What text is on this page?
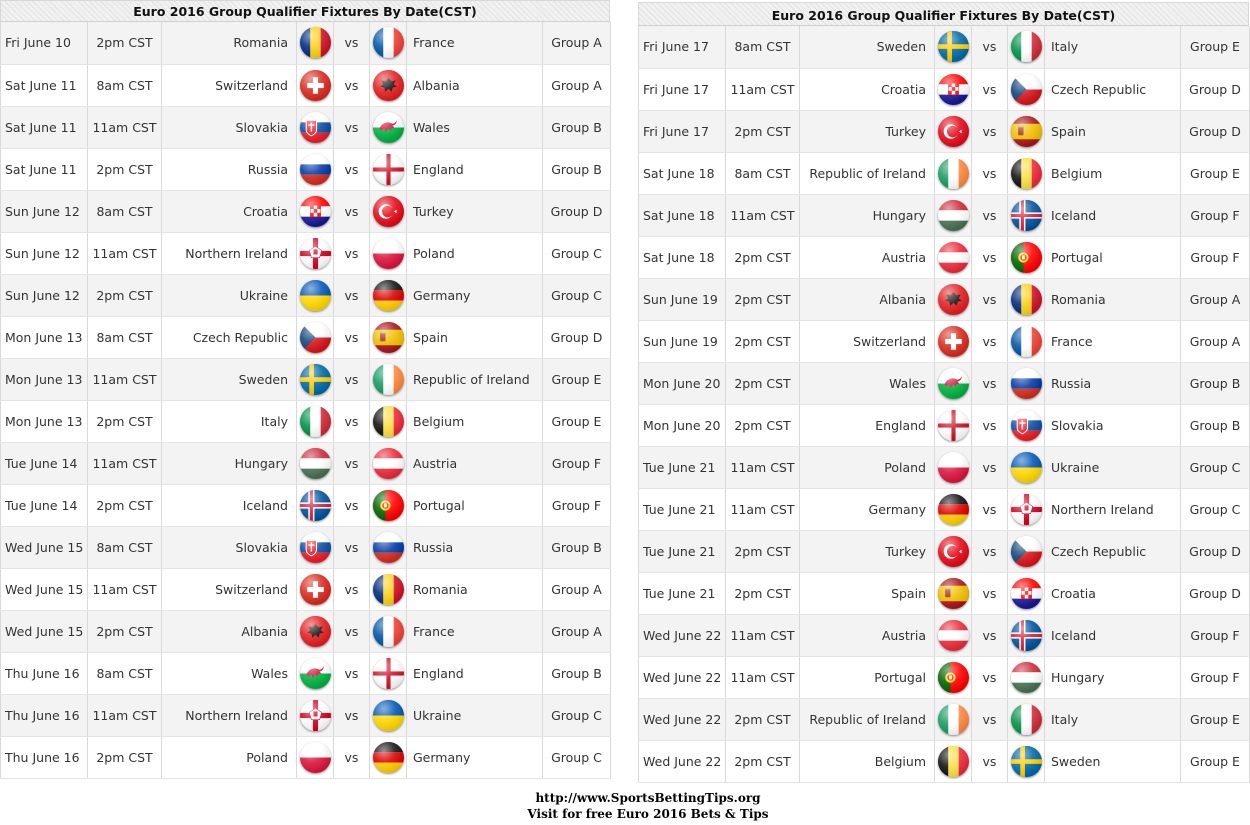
Euro 2016 Group Qualifier Fixtures By Date(CST)
Fri June 10	2pm CST	Romania		vs		France	Group A
Sat June 11	8am CST	Switzerland		vs		Albania	Group A
Sat June 11	11am CST	Slovakia		vs		Wales	Group B
Sat June 11	2pm CST	Russia		vs		England	Group B
Sun June 12	8am CST	Croatia		vs		Turkey	Group D
Sun June 12	11am CST	Northern Ireland		vs		Poland	Group C
Sun June 12	2pm CST	Ukraine		vs		Germany	Group C
Mon June 13	8am CST	Czech Republic		vs		Spain	Group D
Mon June 13	11am CST	Sweden		vs		Republic of Ireland	Group E
Mon June 13	2pm CST	Italy		vs		Belgium	Group E
Tue June 14	11am CST	Hungary		vs		Austria	Group F
Tue June 14	2pm CST	Iceland		vs		Portugal	Group F
Wed June 15	8am CST	Slovakia		vs		Russia	Group B
Wed June 15	11am CST	Switzerland		vs		Romania	Group A
Wed June 15	2pm CST	Albania		vs		France	Group A
Thu June 16	8am CST	Wales		vs		England	Group B
Thu June 16	11am CST	Northern Ireland		vs		Ukraine	Group C
Thu June 16	2pm CST	Poland		vs		Germany	Group C
Euro 2016 Group Qualifier Fixtures By Date(CST)
Fri June 17	8am CST	Sweden		vs		Italy	Group E
Fri June 17	11am CST	Croatia		vs		Czech Republic	Group D
Fri June 17	2pm CST	Turkey		vs		Spain	Group D
Sat June 18	8am CST	Republic of Ireland		vs		Belgium	Group E
Sat June 18	11am CST	Hungary		vs		Iceland	Group F
Sat June 18	2pm CST	Austria		vs		Portugal	Group F
Sun June 19	2pm CST	Albania		vs		Romania	Group A
Sun June 19	2pm CST	Switzerland		vs		France	Group A
Mon June 20	2pm CST	Wales		vs		Russia	Group B
Mon June 20	2pm CST	England		vs		Slovakia	Group B
Tue June 21	11am CST	Poland		vs		Ukraine	Group C
Tue June 21	11am CST	Germany		vs		Northern Ireland	Group C
Tue June 21	2pm CST	Turkey		vs		Czech Republic	Group D
Tue June 21	2pm CST	Spain		vs		Croatia	Group D
Wed June 22	11am CST	Austria		vs		Iceland	Group F
Wed June 22	11am CST	Portugal		vs		Hungary	Group F
Wed June 22	2pm CST	Republic of Ireland		vs		Italy	Group E
Wed June 22	2pm CST	Belgium		vs		Sweden	Group E
http://www.SportsBettingTips.org
Visit for free Euro 2016 Bets & Tips
